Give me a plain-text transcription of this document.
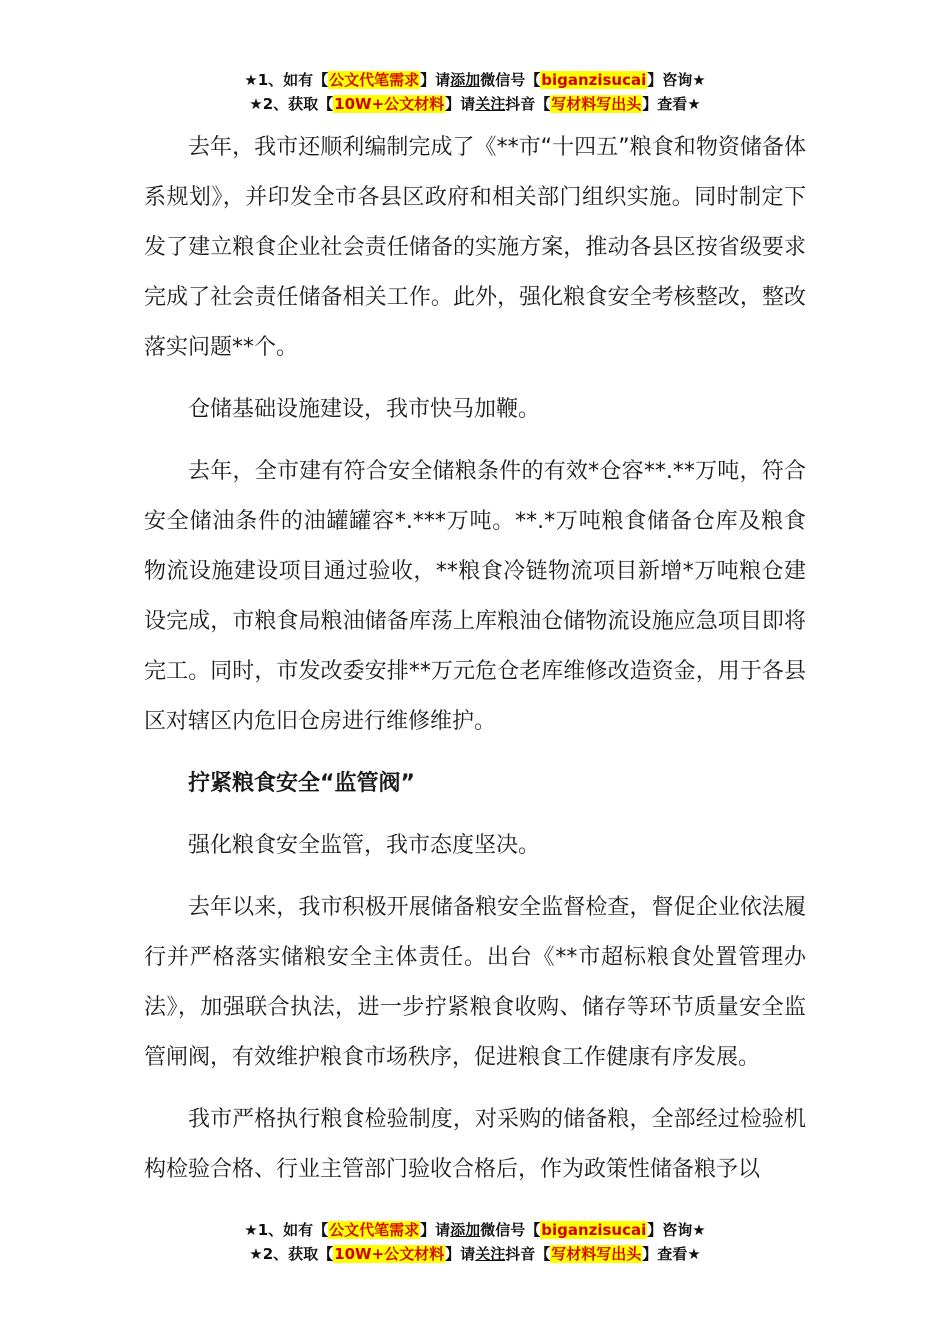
★1、如有【公文代笔需求】请添加微信号【biganzisucai】咨询★
★2、获取【10W+公文材料】请关注抖音【写材料写出头】查看★

去年，我市还顺利编制完成了《**市“十四五”粮食和物资储备体系规划》，并印发全市各县区政府和相关部门组织实施。同时制定下发了建立粮食企业社会责任储备的实施方案，推动各县区按省级要求完成了社会责任储备相关工作。此外，强化粮食安全考核整改，整改落实问题**个。

仓储基础设施建设，我市快马加鞭。

去年，全市建有符合安全储粮条件的有效*仓容**.**万吨，符合安全储油条件的油罐罐容*.***万吨。**.*万吨粮食储备仓库及粮食物流设施建设项目通过验收，**粮食冷链物流项目新增*万吨粮仓建设完成，市粮食局粮油储备库荡上库粮油仓储物流设施应急项目即将完工。同时，市发改委安排**万元危仓老库维修改造资金，用于各县区对辖区内危旧仓房进行维修维护。

拧紧粮食安全“监管阀”

强化粮食安全监管，我市态度坚决。

去年以来，我市积极开展储备粮安全监督检查，督促企业依法履行并严格落实储粮安全主体责任。出台《**市超标粮食处置管理办法》，加强联合执法，进一步拧紧粮食收购、储存等环节质量安全监管闸阀，有效维护粮食市场秩序，促进粮食工作健康有序发展。

我市严格执行粮食检验制度，对采购的储备粮，全部经过检验机构检验合格、行业主管部门验收合格后，作为政策性储备粮予以

★1、如有【公文代笔需求】请添加微信号【biganzisucai】咨询★
★2、获取【10W+公文材料】请关注抖音【写材料写出头】查看★
